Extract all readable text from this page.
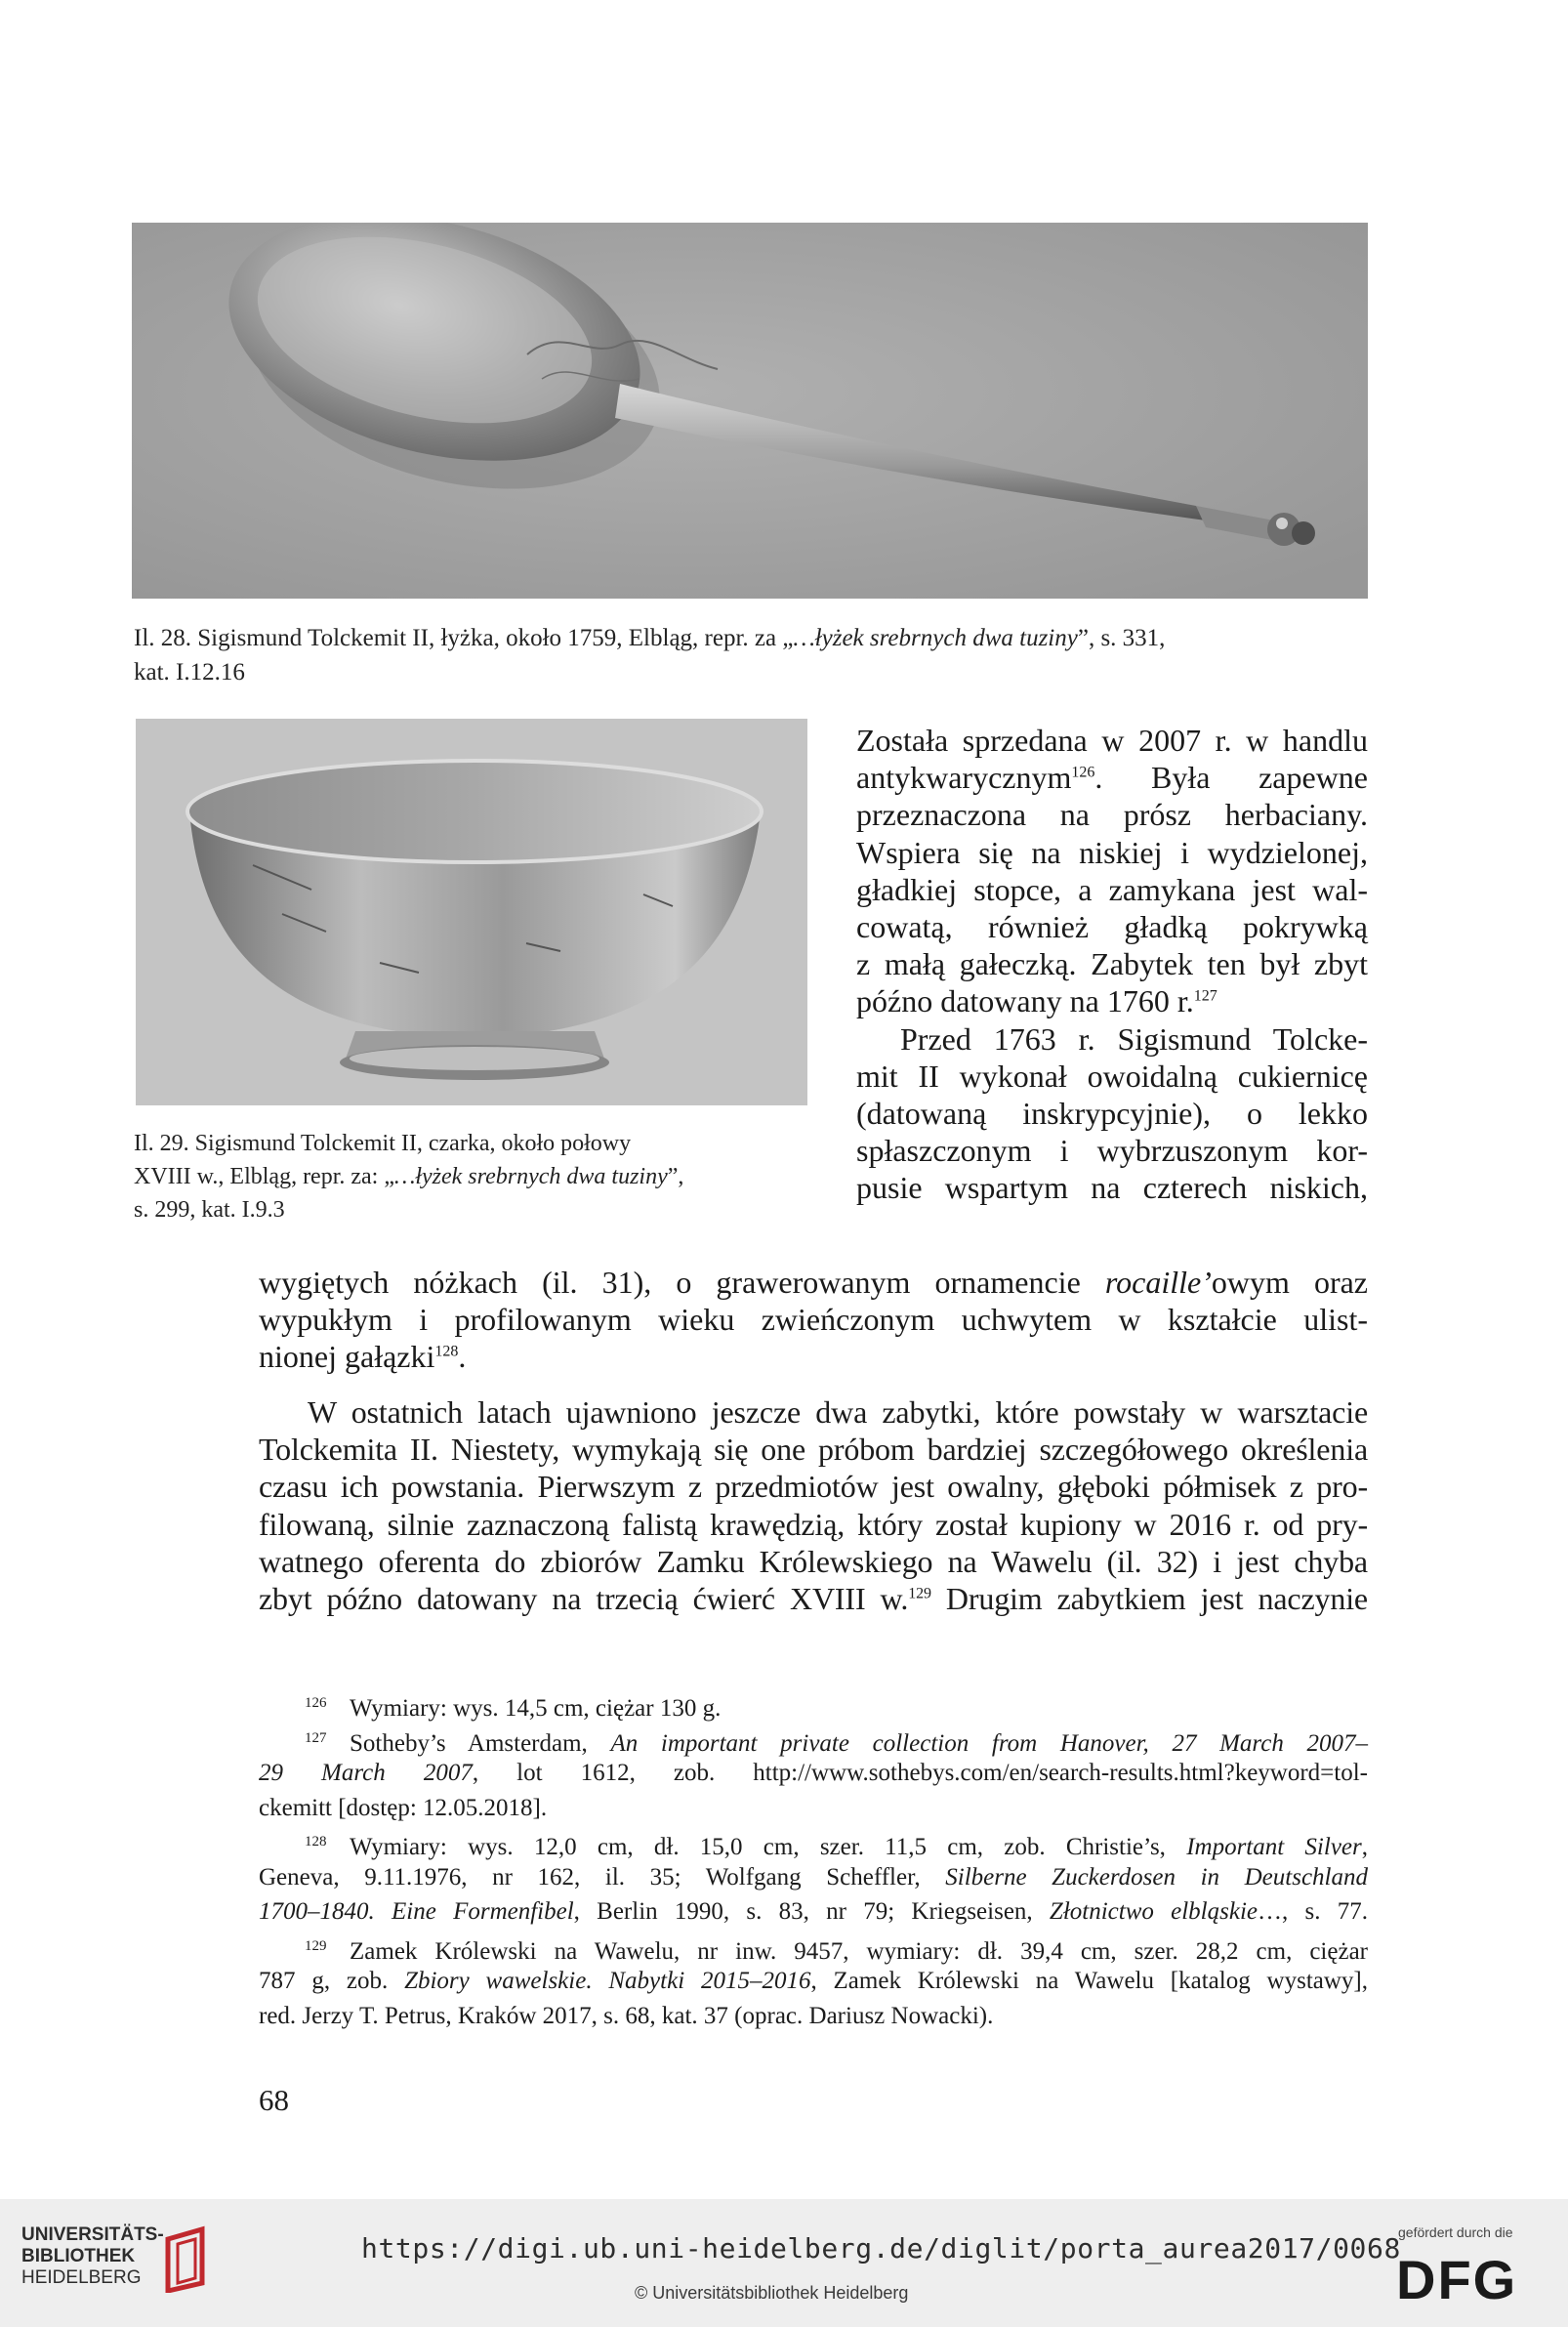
Il. 28. Sigismund Tolckemit II, łyżka, około 1759, Elbląg, repr. za „…łyżek srebrnych dwa tuziny”, s. 331,
kat. I.12.16
Il. 29. Sigismund Tolckemit II, czarka, około połowy
XVIII w., Elbląg, repr. za: „…łyżek srebrnych dwa tuziny”,
s. 299, kat. I.9.3
Została sprzedana w 2007 r. w handlu
antykwarycznym$^{126}$. Była zapewne
przeznaczona na prósz herbaciany.
Wspiera się na niskiej i wydzielonej,
gładkiej stopce, a zamykana jest wal-
cowatą, również gładką pokrywką
z małą gałeczką. Zabytek ten był zbyt
późno datowany na 1760 r.$^{127}$
Przed 1763 r. Sigismund Tolcke-
mit II wykonał owoidalną cukiernicę
(datowaną inskrypcyjnie), o lekko
spłaszczonym i wybrzuszonym kor-
pusie wspartym na czterech niskich,
wygiętych nóżkach (il. 31), o grawerowanym ornamencie rocaille’owym oraz
wypukłym i profilowanym wieku zwieńczonym uchwytem w kształcie ulist-
nionej gałązki$^{128}$.
W ostatnich latach ujawniono jeszcze dwa zabytki, które powstały w warsztacie
Tolckemita II. Niestety, wymykają się one próbom bardziej szczegółowego określenia
czasu ich powstania. Pierwszym z przedmiotów jest owalny, głęboki półmisek z pro-
filowaną, silnie zaznaczoną falistą krawędzią, który został kupiony w 2016 r. od pry-
watnego oferenta do zbiorów Zamku Królewskiego na Wawelu (il. 32) i jest chyba
zbyt późno datowany na trzecią ćwierć XVIII w.$^{129}$ Drugim zabytkiem jest naczynie
126 Wymiary: wys. 14,5 cm, ciężar 130 g.
127 Sotheby’s Amsterdam, An important private collection from Hanover, 27 March 2007–
29 March 2007, lot 1612, zob. http://www.sothebys.com/en/search-results.html?keyword=tol-
ckemitt [dostęp: 12.05.2018].
128 Wymiary: wys. 12,0 cm, dł. 15,0 cm, szer. 11,5 cm, zob. Christie’s, Important Silver,
Geneva, 9.11.1976, nr 162, il. 35; Wolfgang Scheffler, Silberne Zuckerdosen in Deutschland
1700–1840. Eine Formenfibel, Berlin 1990, s. 83, nr 79; Kriegseisen, Złotnictwo elbląskie…, s. 77.
129 Zamek Królewski na Wawelu, nr inw. 9457, wymiary: dł. 39,4 cm, szer. 28,2 cm, ciężar
787 g, zob. Zbiory wawelskie. Nabytki 2015–2016, Zamek Królewski na Wawelu [katalog wystawy],
red. Jerzy T. Petrus, Kraków 2017, s. 68, kat. 37 (oprac. Dariusz Nowacki).
68
UNIVERSITÄTS-
BIBLIOTHEK
HEIDELBERG
https://digi.ub.uni-heidelberg.de/diglit/porta_aurea2017/0068
© Universitätsbibliothek Heidelberg
gefördert durch die
DFG
